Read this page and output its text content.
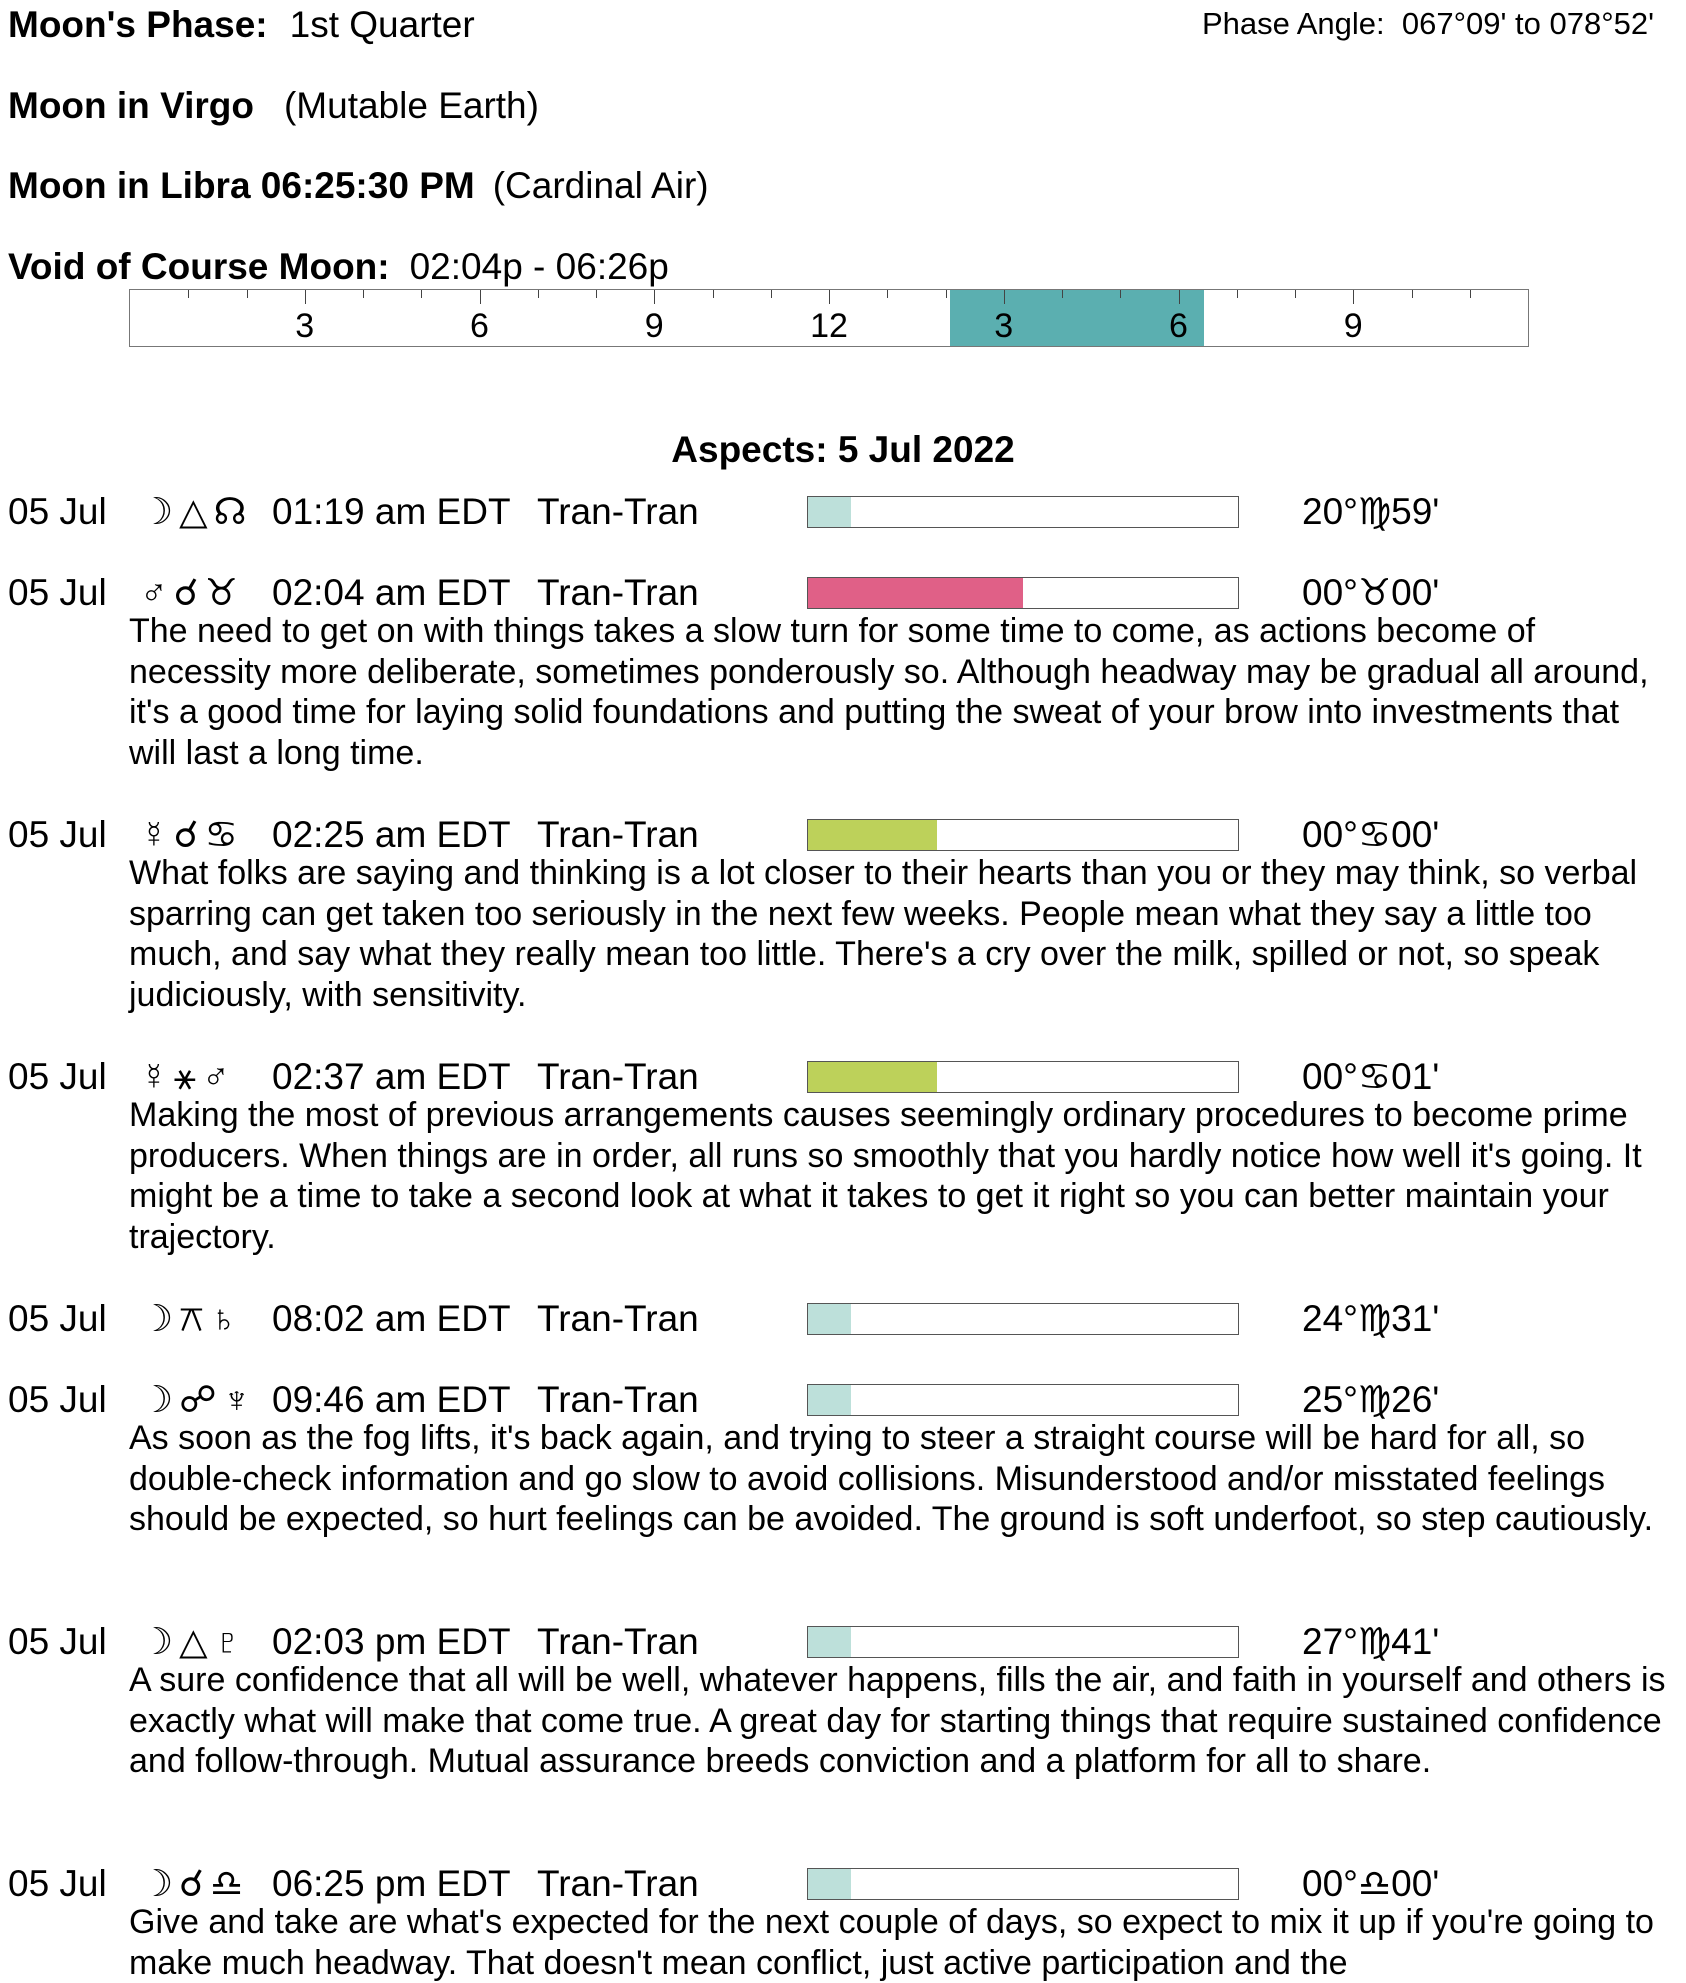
Moon's Phase: 1st Quarter	Phase Angle: 067°09' to 078°52'
Moon in Virgo (Mutable Earth)
Moon in Libra 06:25:30 PM (Cardinal Air)
Void of Course Moon: 02:04p - 06:26p
3	6	9	12	3	6	9
Aspects: 5 Jul 2022
05 Jul ☽△☊ 01:19 am EDT Tran-Tran	20°♍59'
05 Jul ♂☌♉ 02:04 am EDT Tran-Tran	00°♉00'
The need to get on with things takes a slow turn for some time to come, as actions become of necessity more deliberate, sometimes ponderously so. Although headway may be gradual all around, it's a good time for laying solid foundations and putting the sweat of your brow into investments that will last a long time.
05 Jul ☿☌♋ 02:25 am EDT Tran-Tran	00°♋00'
What folks are saying and thinking is a lot closer to their hearts than you or they may think, so verbal sparring can get taken too seriously in the next few weeks. People mean what they say a little too much, and say what they really mean too little. There's a cry over the milk, spilled or not, so speak judiciously, with sensitivity.
05 Jul ☿⚹♂ 02:37 am EDT Tran-Tran	00°♋01'
Making the most of previous arrangements causes seemingly ordinary procedures to become prime producers. When things are in order, all runs so smoothly that you hardly notice how well it's going. It might be a time to take a second look at what it takes to get it right so you can better maintain your trajectory.
05 Jul ☽⚻♄ 08:02 am EDT Tran-Tran	24°♍31'
05 Jul ☽☍♆ 09:46 am EDT Tran-Tran	25°♍26'
As soon as the fog lifts, it's back again, and trying to steer a straight course will be hard for all, so double-check information and go slow to avoid collisions. Misunderstood and/or misstated feelings should be expected, so hurt feelings can be avoided. The ground is soft underfoot, so step cautiously.
05 Jul ☽△♇ 02:03 pm EDT Tran-Tran	27°♍41'
A sure confidence that all will be well, whatever happens, fills the air, and faith in yourself and others is exactly what will make that come true. A great day for starting things that require sustained confidence and follow-through. Mutual assurance breeds conviction and a platform for all to share.
05 Jul ☽☌♎ 06:25 pm EDT Tran-Tran	00°♎00'
Give and take are what's expected for the next couple of days, so expect to mix it up if you're going to make much headway. That doesn't mean conflict, just active participation and the
